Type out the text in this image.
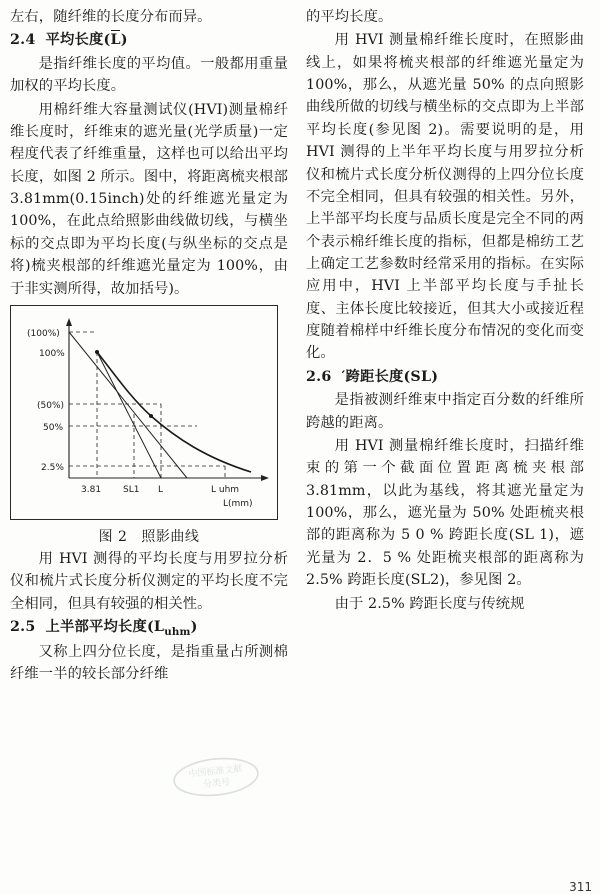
左右，随纤维的长度分布而异。

2.4 平均长度(L)

是指纤维长度的平均值。一般都用重量加权的平均长度。

用棉纤维大容量测试仪(HVI)测量棉纤维长度时，纤维束的遮光量(光学质量)一定程度代表了纤维重量，这样也可以给出平均长度，如图 2 所示。图中，将距离梳夹根部 3.81mm(0.15inch)处的纤维遮光量定为 100%，在此点给照影曲线做切线，与横坐标的交点即为平均长度(与纵坐标的交点是将)梳夹根部的纤维遮光量定为 100%，由于非实测所得，故加括号)。

(100%)
100%
(50%)
50%
2.5%
3.81 SL1 L	L uhm
L(mm)
图 2 照影曲线

用 HVI 测得的平均长度与用罗拉分析仪和梳片式长度分析仪测定的平均长度不完全相同，但具有较强的相关性。

2.5 上半部平均长度$(L_{uhm})$

又称上四分位长度，是指重量占所测棉纤维一半的较长部分纤维

中国标准文献
分类号

的平均长度。

用 HVI 测量棉纤维长度时，在照影曲线上，如果将梳夹根部的纤维遮光量定为 100%，那么，从遮光量 50% 的点向照影曲线所做的切线与横坐标的交点即为上半部平均长度(参见图 2)。需要说明的是，用 HVI 测得的上半年平均长度与用罗拉分析仪和梳片式长度分析仪测得的上四分位长度不完全相同，但具有较强的相关性。另外，上半部平均长度与品质长度是完全不同的两个表示棉纤维长度的指标，但都是棉纺工艺上确定工艺参数时经常采用的指标。在实际应用中，HVI 上半部平均长度与手扯长度、主体长度比较接近，但其大小或接近程度随着棉样中纤维长度分布情况的变化而变化。

2.6 ′跨距长度(SL)

是指被测纤维束中指定百分数的纤维所跨越的距离。

用 HVI 测量棉纤维长度时，扫描纤维束的第一个截面位置距离梳夹根部 3.81mm，以此为基线，将其遮光量定为 100%，那么，遮光量为 50% 处距梳夹根部的距离称为 5 0 % 跨距长度(SL 1)，遮光量为 2．5 % 处距梳夹根部的距离称为 2.5% 跨距长度(SL2)，参见图 2。

由于 2.5% 跨距长度与传统规

311
